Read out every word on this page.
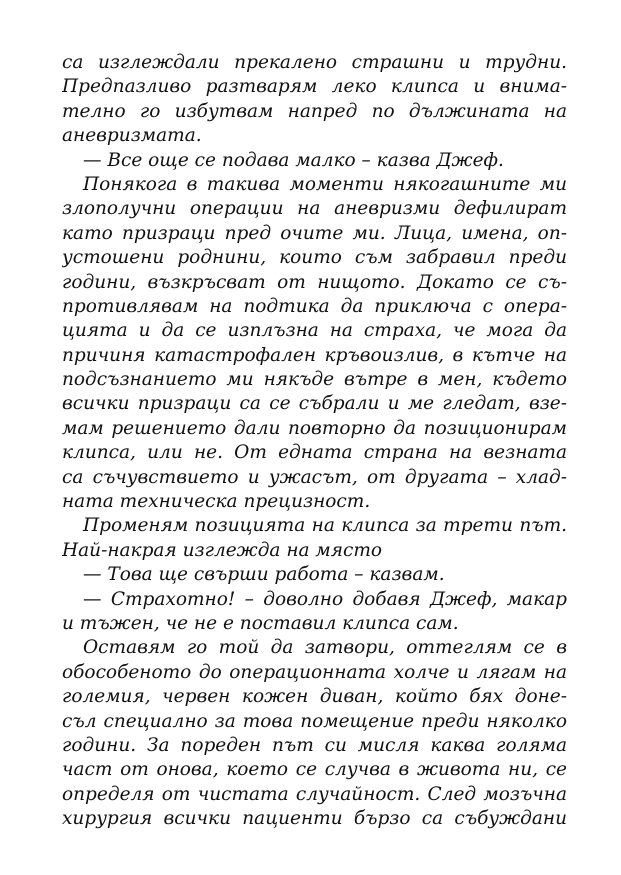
са изглеждали прекалено страшни и трудни.
Предпазливо разтварям леко клипса и внима-
телно го избутвам напред по дължината на
аневризмата.
— Все още се подава малко – казва Джеф.
Понякога в такива моменти някогашните ми
злополучни операции на аневризми дефилират
като призраци пред очите ми. Лица, имена, оп-
устошени роднини, които съм забравил преди
години, възкръсват от нищото. Докато се съ-
противлявам на подтика да приключа с опера-
цията и да се изплъзна на страха, че мога да
причиня катастрофален кръвоизлив, в кътче на
подсъзнанието ми някъде вътре в мен, където
всички призраци са се събрали и ме гледат, взе-
мам решението дали повторно да позиционирам
клипса, или не. От едната страна на везната
са съчувствието и ужасът, от другата – хлад-
ната техническа прецизност.
Променям позицията на клипса за трети път.
Най-накрая изглежда на място
— Това ще свърши работа – казвам.
— Страхотно! – доволно добавя Джеф, макар
и тъжен, че не е поставил клипса сам.
Оставям го той да затвори, оттеглям се в
обособеното до операционната холче и лягам на
големия, червен кожен диван, който бях доне-
съл специално за това помещение преди няколко
години. За пореден път си мисля каква голяма
част от онова, което се случва в живота ни, се
определя от чистата случайност. След мозъчна
хирургия всички пациенти бързо са събуждани
